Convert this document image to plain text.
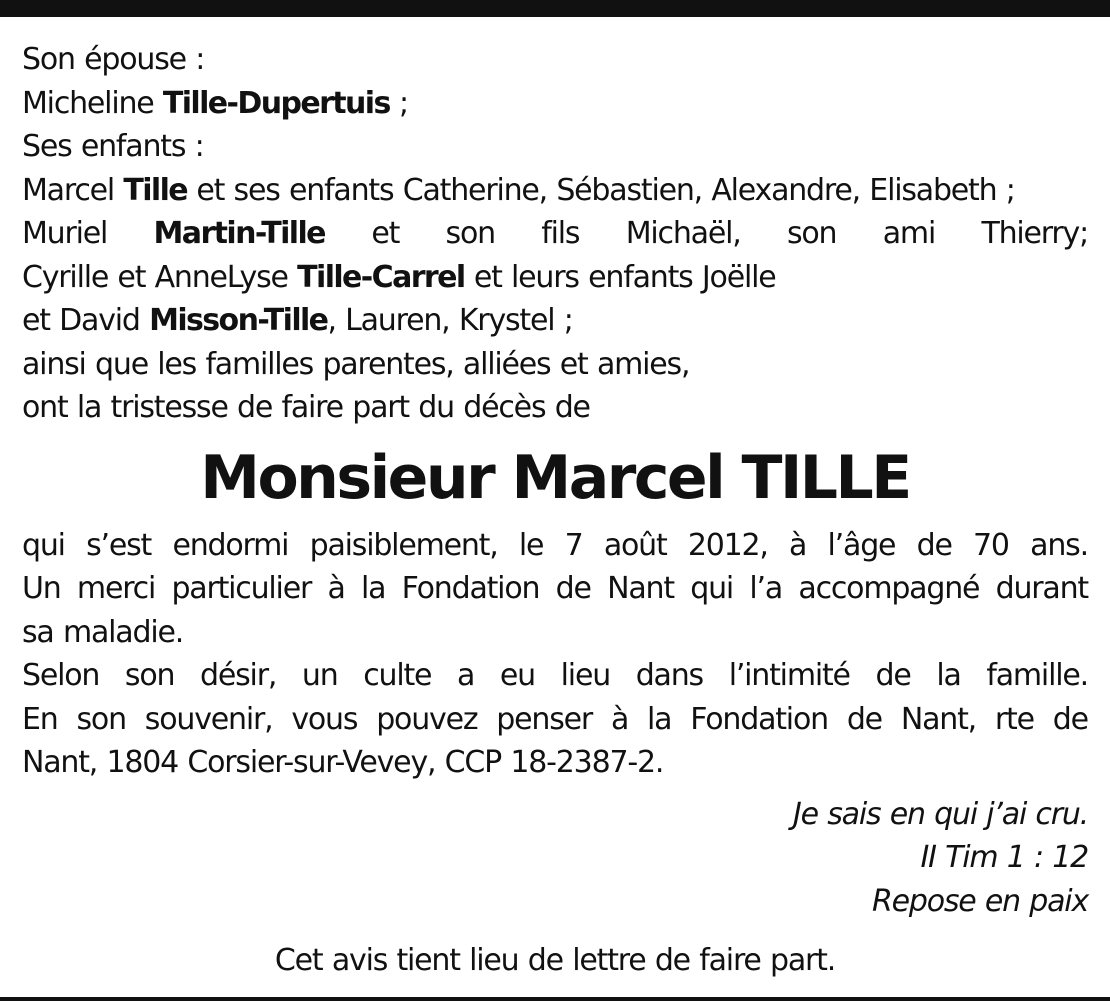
Son épouse :
Micheline Tille-Dupertuis ;
Ses enfants :
Marcel Tille et ses enfants Catherine, Sébastien, Alexandre, Elisabeth ;
Muriel Martin-Tille et son fils Michaël, son ami Thierry;
Cyrille et AnneLyse Tille-Carrel et leurs enfants Joëlle
et David Misson-Tille, Lauren, Krystel ;
ainsi que les familles parentes, alliées et amies,
ont la tristesse de faire part du décès de
Monsieur Marcel TILLE
qui s’est endormi paisiblement, le 7 août 2012, à l’âge de 70 ans.
Un merci particulier à la Fondation de Nant qui l’a accompagné durant
sa maladie.
Selon son désir, un culte a eu lieu dans l’intimité de la famille.
En son souvenir, vous pouvez penser à la Fondation de Nant, rte de
Nant, 1804 Corsier-sur-Vevey, CCP 18-2387-2.
Je sais en qui j’ai cru.
II Tim 1 : 12
Repose en paix
Cet avis tient lieu de lettre de faire part.
